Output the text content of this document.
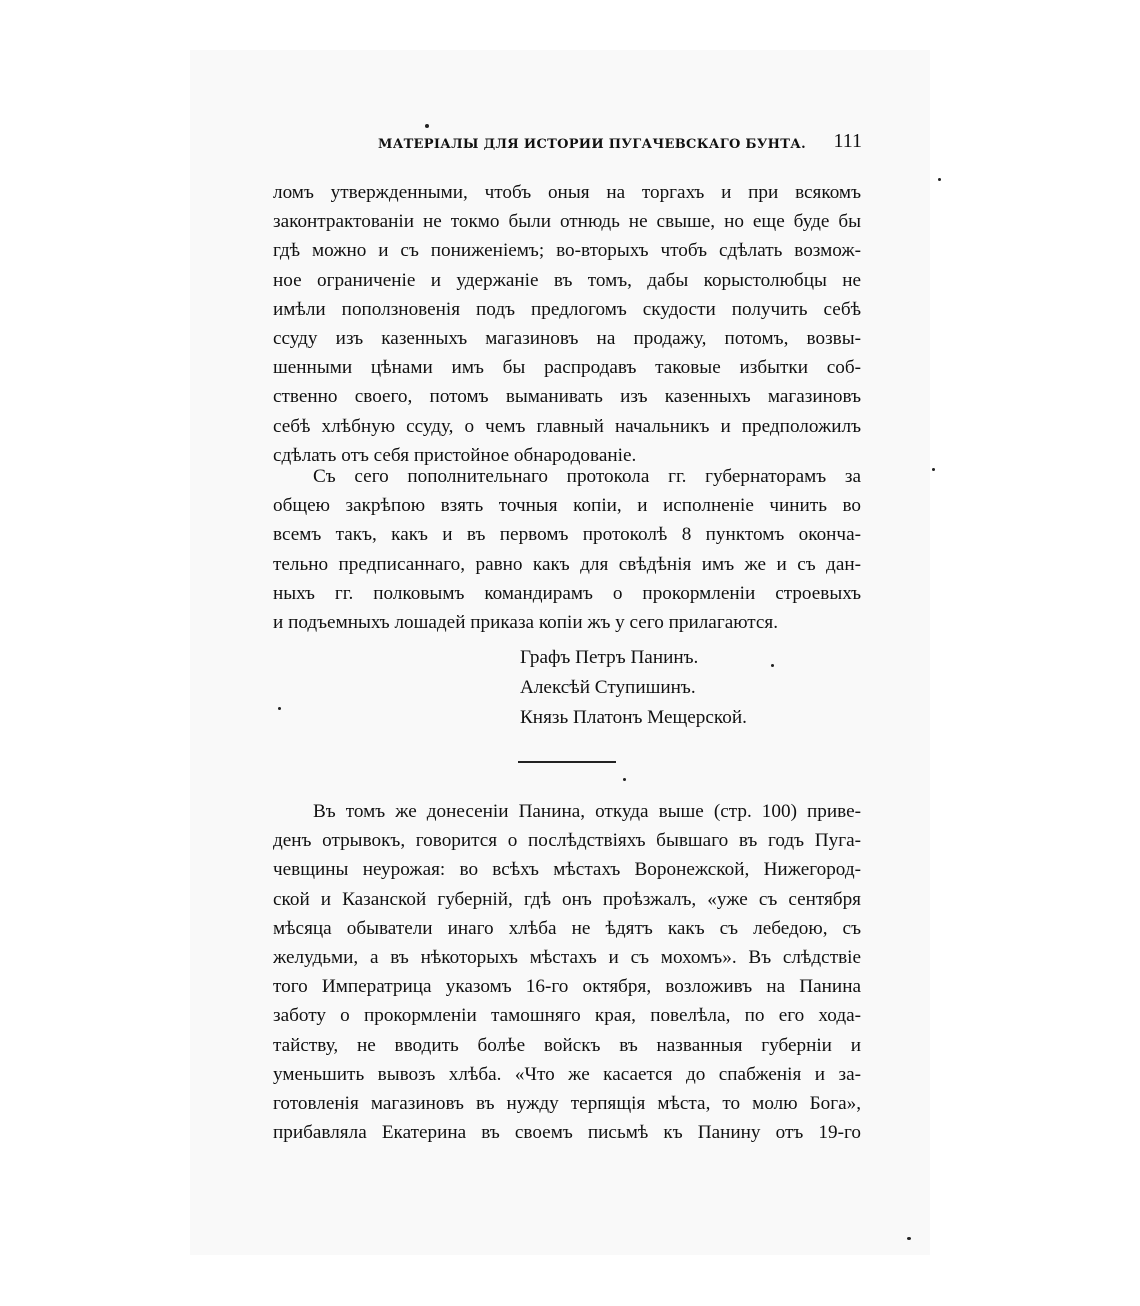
МАТЕРІАЛЫ ДЛЯ ИСТОРИИ ПУГАЧЕВСКАГО БУНТА. 111
ломъ утвержденными, чтобъ оныя на торгахъ и при всякомъ
законтрактованіи не токмо были отнюдь не свыше, но еще буде бы
гдѣ можно и съ пониженіемъ; во-вторыхъ чтобъ сдѣлать возмож-
ное ограниченіе и удержаніе въ томъ, дабы корыстолюбцы не
имѣли поползновенія подъ предлогомъ скудости получить себѣ
ссуду изъ казенныхъ магазиновъ на продажу, потомъ, возвы-
шенными цѣнами имъ бы распродавъ таковые избытки соб-
ственно своего, потомъ выманивать изъ казенныхъ магазиновъ
себѣ хлѣбную ссуду, о чемъ главный начальникъ и предположилъ
сдѣлать отъ себя пристойное обнародованіе.
Съ сего пополнительнаго протокола гг. губернаторамъ за
общею закрѣпою взять точныя копіи, и исполненіе чинить во
всемъ такъ, какъ и въ первомъ протоколѣ 8 пунктомъ оконча-
тельно предписаннаго, равно какъ для свѣдѣнія имъ же и съ дан-
ныхъ гг. полковымъ командирамъ о прокормленіи строевыхъ
и подъемныхъ лошадей приказа копіи жъ у сего прилагаются.
Графъ Петръ Панинъ.
Алексѣй Ступишинъ.
Князь Платонъ Мещерской.
Въ томъ же донесеніи Панина, откуда выше (стр. 100) приве-
денъ отрывокъ, говорится о послѣдствіяхъ бывшаго въ годъ Пуга-
чевщины неурожая: во всѣхъ мѣстахъ Воронежской, Нижегород-
ской и Казанской губерній, гдѣ онъ проѣзжалъ, «уже съ сентября
мѣсяца обыватели инаго хлѣба не ѣдятъ какъ съ лебедою, съ
желудьми, а въ нѣкоторыхъ мѣстахъ и съ мохомъ». Въ слѣдствіе
того Императрица указомъ 16-го октября, возложивъ на Панина
заботу о прокормленіи тамошняго края, повелѣла, по его хода-
тайству, не вводить болѣе войскъ въ названныя губерніи и
уменьшить вывозъ хлѣба. «Что же касается до спабженія и за-
готовленія магазиновъ въ нужду терпящія мѣста, то молю Бога»,
прибавляла Екатерина въ своемъ письмѣ къ Панину отъ 19-го
